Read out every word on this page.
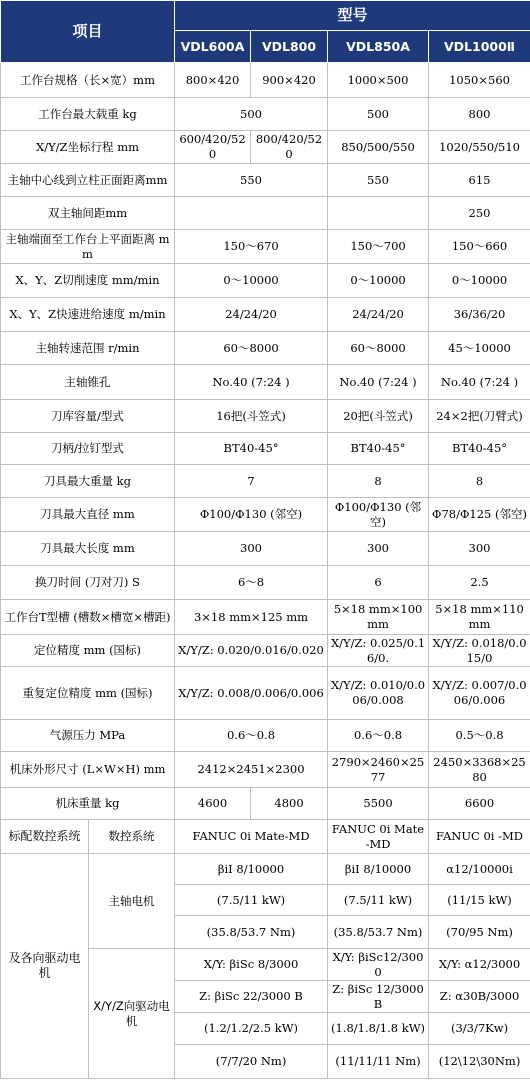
项目		型号			
		VDL600A	VDL800	VDL850A	VDL1000Ⅱ
工作台规格（长×宽）mm		800×420	900×420	1000×500	1050×560
工作台最大载重 kg		500		500	800
X/Y/Z坐标行程 mm		600/420/520	800/420/520	850/500/550	1020/550/510
主轴中心线到立柱正面距离mm		550		550	615
双主轴间距mm					250
主轴端面至工作台上平面距离 mm		150～670		150～700	150～660
X、Y、Z切削速度 mm/min		0～10000		0～10000	0～10000
X、Y、Z快速进给速度 m/min		24/24/20		24/24/20	36/36/20
主轴转速范围 r/min		60～8000		60～8000	45～10000
主轴锥孔		No.40 (7:24 )		No.40 (7:24 )	No.40 (7:24 )
刀库容量/型式		16把(斗笠式)		20把(斗笠式)	24×2把(刀臂式)
刀柄/拉钉型式		BT40-45°		BT40-45°	BT40-45°
刀具最大重量 kg		7		8	8
刀具最大直径 mm		Φ100/Φ130 (邻空)		Φ100/Φ130 (邻空)	Φ78/Φ125 (邻空)
刀具最大长度 mm		300		300	300
换刀时间 (刀对刀) S		6～8		6	2.5
工作台T型槽 (槽数×槽宽×槽距)		3×18 mm×125 mm		5×18 mm×100 mm	5×18 mm×110 mm
定位精度 mm (国标)		X/Y/Z: 0.020/0.016/0.020		X/Y/Z: 0.025/0.16/0.	X/Y/Z: 0.018/0.015/0
重复定位精度 mm (国标)		X/Y/Z: 0.008/0.006/0.006		X/Y/Z: 0.010/0.006/0.008	X/Y/Z: 0.007/0.006/0.006
气源压力 MPa		0.6～0.8		0.6～0.8	0.5～0.8
机床外形尺寸 (L×W×H) mm		2412×2451×2300		2790×2460×2577	2450×3368×2580
机床重量 kg		4600	4800	5500	6600
标配数控系统	数控系统	FANUC 0i Mate-MD		FANUC 0i Mate-MD	FANUC 0i -MD
及各向驱动电机	主轴电机	βiI 8/10000		βiI 8/10000	α12/10000i
		(7.5/11 kW)		(7.5/11 kW)	(11/15 kW)
		(35.8/53.7 Nm)		(35.8/53.7 Nm)	(70/95 Nm)
	X/Y/Z向驱动电机	X/Y: βiSc 8/3000		X/Y: βiSc12/3000	X/Y: α12/3000
		Z: βiSc 22/3000 B		Z: βiSc 12/3000 B	Z: α30B/3000
		(1.2/1.2/2.5 kW)		(1.8/1.8/1.8 kW)	(3/3/7Kw)
		(7/7/20 Nm)		(11/11/11 Nm)	(12\12\30Nm)
